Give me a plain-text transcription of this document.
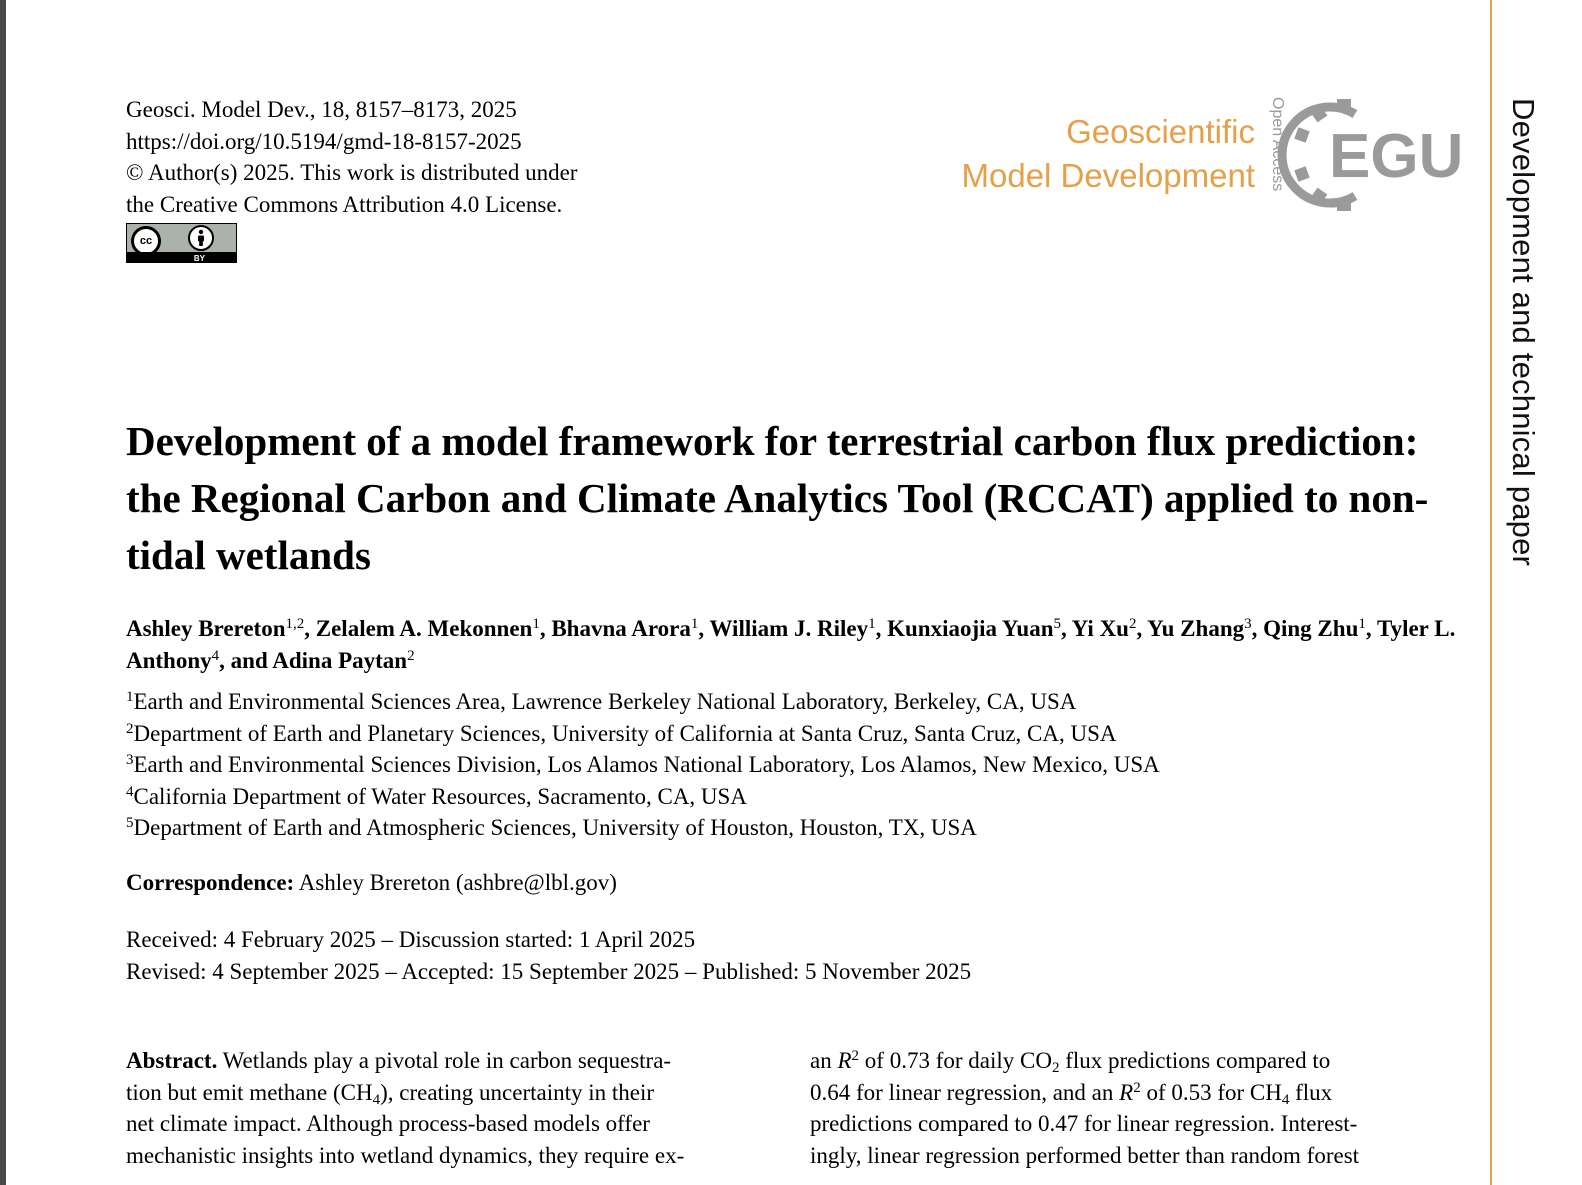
Development and technical paper
Geosci. Model Dev., 18, 8157–8173, 2025
https://doi.org/10.5194/gmd-18-8157-2025
© Author(s) 2025. This work is distributed under
the Creative Commons Attribution 4.0 License.
cc
BY
Geoscientific
Model Development Open Access EGU
Development of a model framework for terrestrial carbon flux prediction: the Regional Carbon and Climate Analytics Tool (RCCAT) applied to non-tidal wetlands
Ashley Brereton$^{1,2}$, Zelalem A. Mekonnen$^1$, Bhavna Arora$^1$, William J. Riley$^1$, Kunxiaojia Yuan$^5$, Yi Xu$^2$, Yu Zhang$^3$, Qing Zhu$^1$, Tyler L. Anthony$^4$, and Adina Paytan$^2$
$^1$Earth and Environmental Sciences Area, Lawrence Berkeley National Laboratory, Berkeley, CA, USA
$^2$Department of Earth and Planetary Sciences, University of California at Santa Cruz, Santa Cruz, CA, USA
$^3$Earth and Environmental Sciences Division, Los Alamos National Laboratory, Los Alamos, New Mexico, USA
$^4$California Department of Water Resources, Sacramento, CA, USA
$^5$Department of Earth and Atmospheric Sciences, University of Houston, Houston, TX, USA
Correspondence: Ashley Brereton (ashbre@lbl.gov)
Received: 4 February 2025 – Discussion started: 1 April 2025
Revised: 4 September 2025 – Accepted: 15 September 2025 – Published: 5 November 2025
Abstract. Wetlands play a pivotal role in carbon sequestra-
tion but emit methane $(CH_4)$, creating uncertainty in their
net climate impact. Although process-based models offer
mechanistic insights into wetland dynamics, they require ex-
an $R^2$ of 0.73 for daily $CO_2$ flux predictions compared to
0.64 for linear regression, and an $R^2$ of 0.53 for $CH_4$ flux
predictions compared to 0.47 for linear regression. Interest-
ingly, linear regression performed better than random forest
